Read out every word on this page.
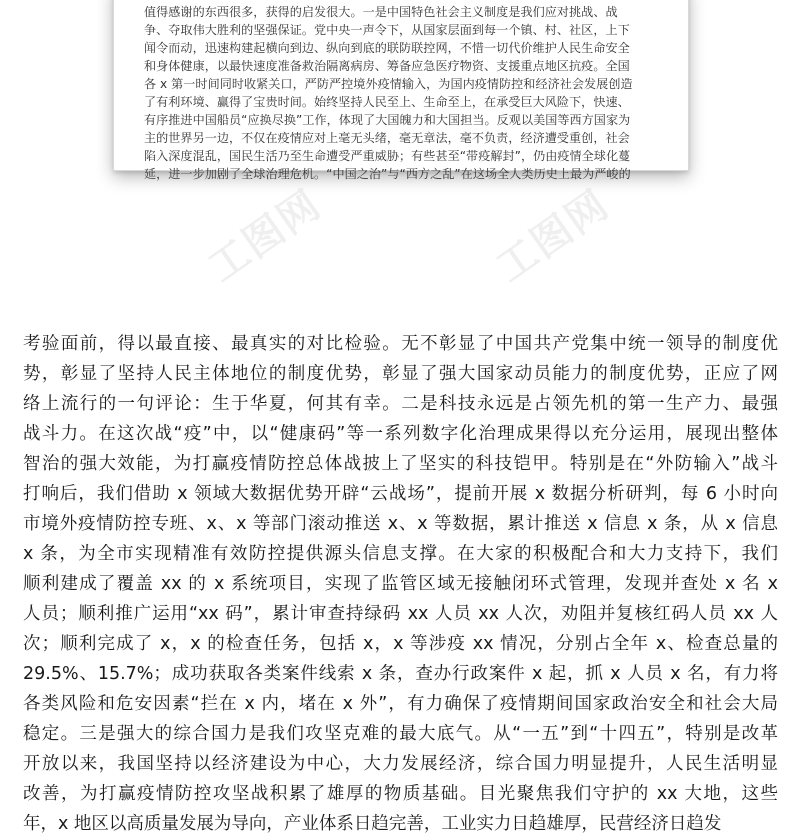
值得感谢的东西很多，获得的启发很大。一是中国特色社会主义制度是我们应对挑战、战
争、夺取伟大胜利的坚强保证。党中央一声令下，从国家层面到每一个镇、村、社区，上下
闻令而动，迅速构建起横向到边、纵向到底的联防联控网，不惜一切代价维护人民生命安全
和身体健康，以最快速度准备救治隔离病房、筹备应急医疗物资、支援重点地区抗疫。全国
各 x 第一时间同时收紧关口，严防严控境外疫情输入，为国内疫情防控和经济社会发展创造
了有利环境、赢得了宝贵时间。始终坚持人民至上、生命至上，在承受巨大风险下，快速、
有序推进中国船员“应换尽换”工作，体现了大国魄力和大国担当。反观以美国等西方国家为
主的世界另一边，不仅在疫情应对上毫无头绪，毫无章法，毫不负责，经济遭受重创，社会
陷入深度混乱，国民生活乃至生命遭受严重威胁；有些甚至“带疫解封”，仍由疫情全球化蔓
延，进一步加剧了全球治理危机。“中国之治”与“西方之乱”在这场全人类历史上最为严峻的
工图网	工图网
考验面前，得以最直接、最真实的对比检验。无不彰显了中国共产党集中统一领导的制度优
势，彰显了坚持人民主体地位的制度优势，彰显了强大国家动员能力的制度优势，正应了网
络上流行的一句评论：生于华夏，何其有幸。二是科技永远是占领先机的第一生产力、最强
战斗力。在这次战“疫”中，以“健康码”等一系列数字化治理成果得以充分运用，展现出整体
智治的强大效能，为打赢疫情防控总体战披上了坚实的科技铠甲。特别是在“外防输入”战斗
打响后，我们借助 x 领域大数据优势开辟“云战场”，提前开展 x 数据分析研判，每 6 小时向
市境外疫情防控专班、x、x 等部门滚动推送 x、x 等数据，累计推送 x 信息 x 条，从 x 信息
x 条，为全市实现精准有效防控提供源头信息支撑。在大家的积极配合和大力支持下，我们
顺利建成了覆盖 xx 的 x 系统项目，实现了监管区域无接触闭环式管理，发现并查处 x 名 x
人员；顺利推广运用“xx 码”，累计审查持绿码 xx 人员 xx 人次，劝阻并复核红码人员 xx 人
次；顺利完成了 x，x 的检查任务，包括 x，x 等涉疫 xx 情况，分别占全年 x、检查总量的
29.5%、15.7%；成功获取各类案件线索 x 条，查办行政案件 x 起，抓 x 人员 x 名，有力将
各类风险和危安因素“拦在 x 内，堵在 x 外”，有力确保了疫情期间国家政治安全和社会大局
稳定。三是强大的综合国力是我们攻坚克难的最大底气。从“一五”到“十四五”，特别是改革
开放以来，我国坚持以经济建设为中心，大力发展经济，综合国力明显提升，人民生活明显
改善，为打赢疫情防控攻坚战积累了雄厚的物质基础。目光聚焦我们守护的 xx 大地，这些
年，x 地区以高质量发展为导向，产业体系日趋完善，工业实力日趋雄厚，民营经济日趋发
